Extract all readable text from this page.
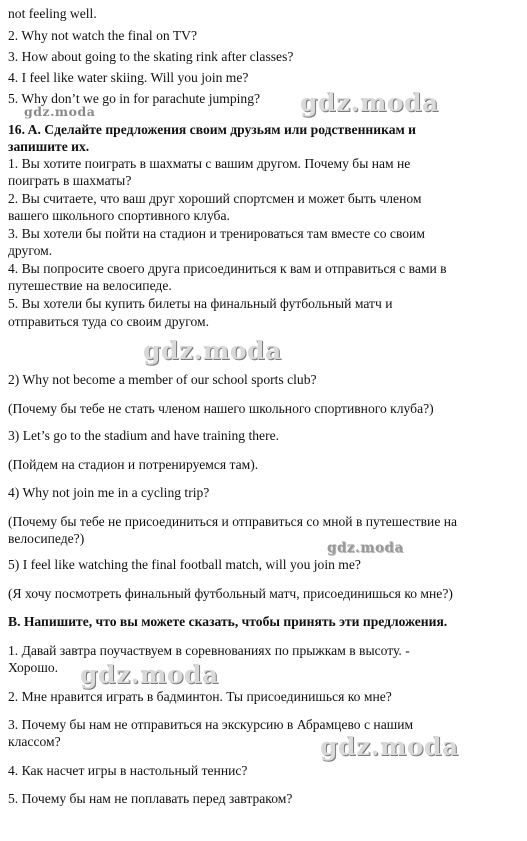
not feeling well.
2. Why not watch the final on TV?
3. How about going to the skating rink after classes?
4. I feel like water skiing. Will you join me?
5. Why don’t we go in for parachute jumping?
gdz.moda	gdz.moda
16. A. Сделайте предложения своим друзьям или родственникам и
запишите их.
1. Вы хотите поиграть в шахматы с вашим другом. Почему бы нам не
поиграть в шахматы?
2. Вы считаете, что ваш друг хороший спортсмен и может быть членом
вашего школьного спортивного клуба.
3. Вы хотели бы пойти на стадион и тренироваться там вместе со своим
другом.
4. Вы попросите своего друга присоединиться к вам и отправиться с вами в
путешествие на велосипеде.
5. Вы хотели бы купить билеты на финальный футбольный матч и
отправиться туда со своим другом.
gdz.moda
2) Why not become a member of our school sports club?
(Почему бы тебе не стать членом нашего школьного спортивного клуба?)
3) Let’s go to the stadium and have training there.
(Пойдем на стадион и потренируемся там).
4) Why not join me in a cycling trip?
(Почему бы тебе не присоединиться и отправиться со мной в путешествие на
велосипеде?)
gdz.moda
5) I feel like watching the final football match, will you join me?
(Я хочу посмотреть финальный футбольный матч, присоединишься ко мне?)
B. Напишите, что вы можете сказать, чтобы принять эти предложения.
1. Давай завтра поучаствуем в соревнованиях по прыжкам в высоту. -
Хорошо. gdz.moda
2. Мне нравится играть в бадминтон. Ты присоединишься ко мне?
3. Почему бы нам не отправиться на экскурсию в Абрамцево с нашим
классом?	gdz.moda
4. Как насчет игры в настольный теннис?
5. Почему бы нам не поплавать перед завтраком?
